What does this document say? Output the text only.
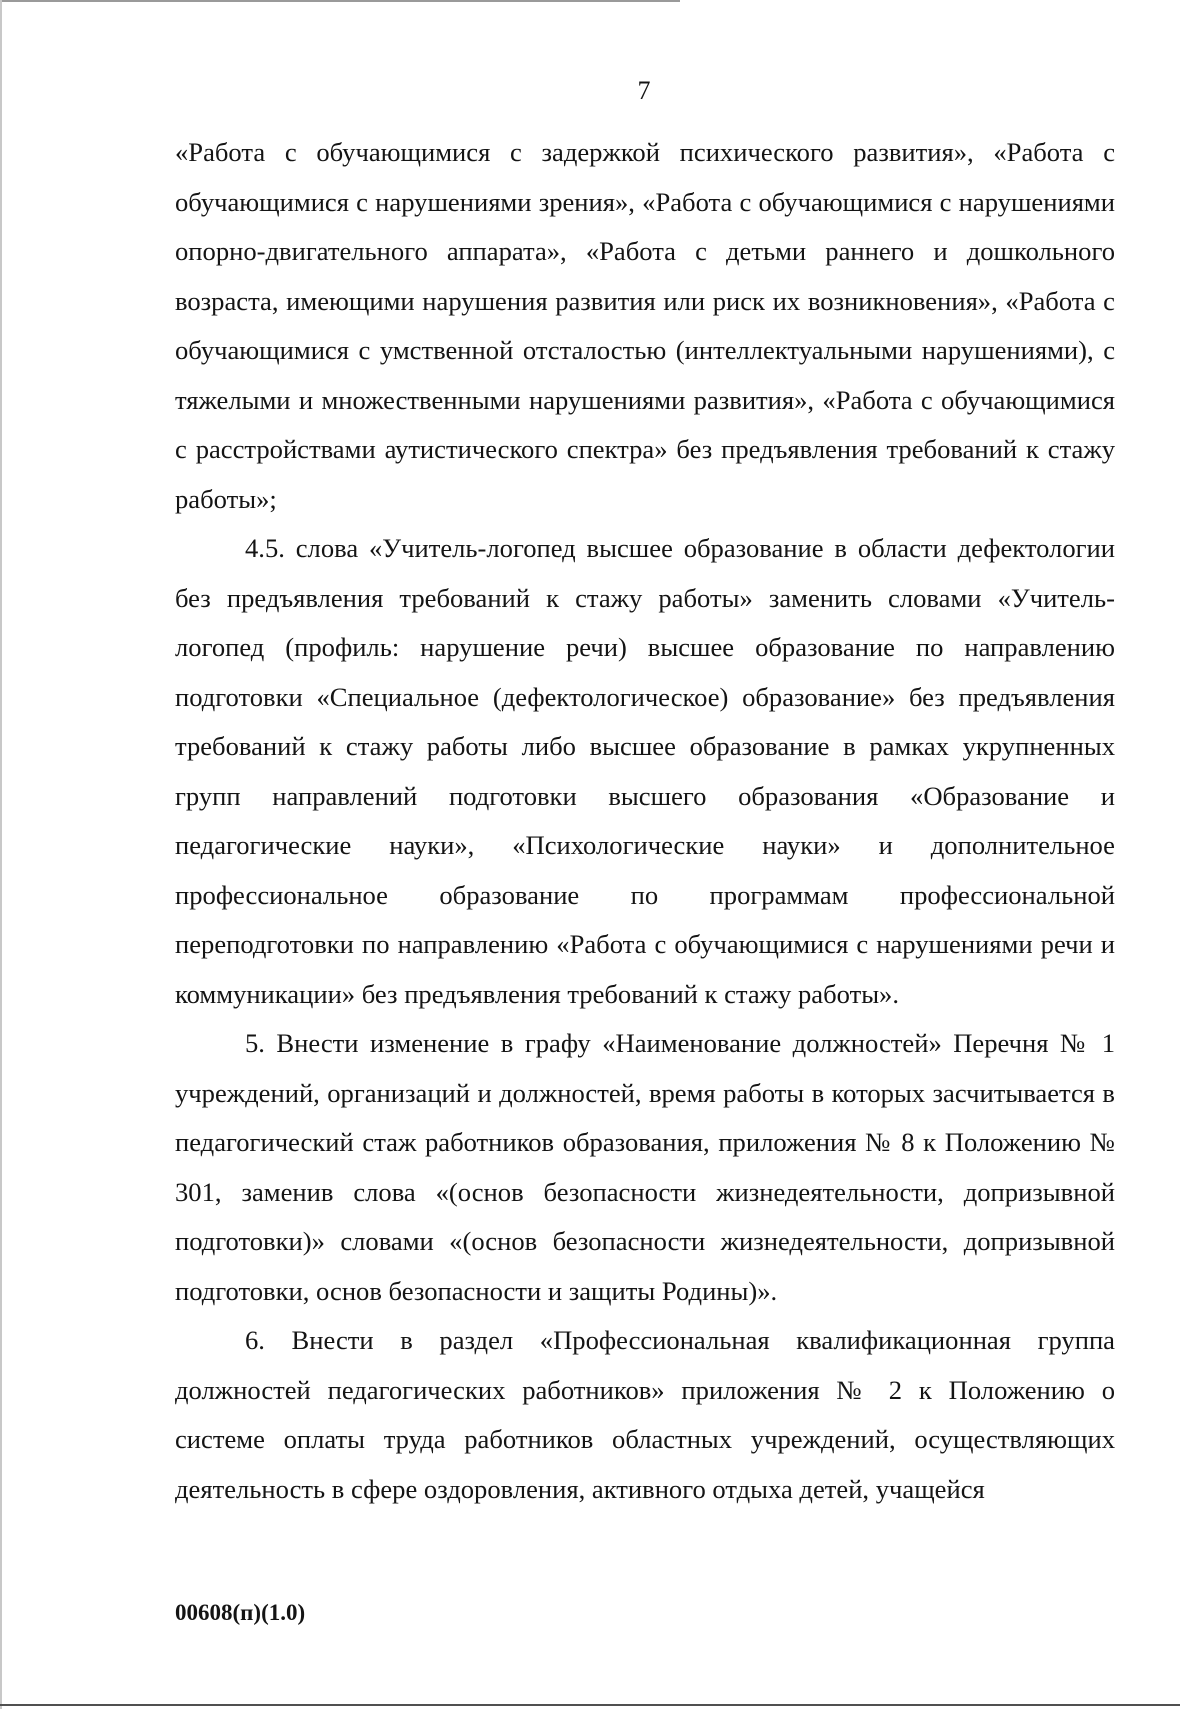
7

«Работа с обучающимися с задержкой психического развития», «Работа с обучающимися с нарушениями зрения», «Работа с обучающимися с нарушениями опорно-двигательного аппарата», «Работа с детьми раннего и дошкольного возраста, имеющими нарушения развития или риск их возникновения», «Работа с обучающимися с умственной отсталостью (интеллектуальными нарушениями), с тяжелыми и множественными нарушениями развития», «Работа с обучающимися с расстройствами аутистического спектра» без предъявления требований к стажу работы»;

4.5. слова «Учитель-логопед высшее образование в области дефектологии без предъявления требований к стажу работы» заменить словами «Учитель-логопед (профиль: нарушение речи) высшее образование по направлению подготовки «Специальное (дефектологическое) образование» без предъявления требований к стажу работы либо высшее образование в рамках укрупненных групп направлений подготовки высшего образования «Образование и педагогические науки», «Психологические науки» и дополнительное профессиональное образование по программам профессиональной переподготовки по направлению «Работа с обучающимися с нарушениями речи и коммуникации» без предъявления требований к стажу работы».

5. Внести изменение в графу «Наименование должностей» Перечня № 1 учреждений, организаций и должностей, время работы в которых засчитывается в педагогический стаж работников образования, приложения № 8 к Положению № 301, заменив слова «(основ безопасности жизнедеятельности, допризывной подготовки)» словами «(основ безопасности жизнедеятельности, допризывной подготовки, основ безопасности и защиты Родины)».

6. Внести в раздел «Профессиональная квалификационная группа должностей педагогических работников» приложения № 2 к Положению о системе оплаты труда работников областных учреждений, осуществляющих деятельность в сфере оздоровления, активного отдыха детей, учащейся

00608(п)(1.0)
